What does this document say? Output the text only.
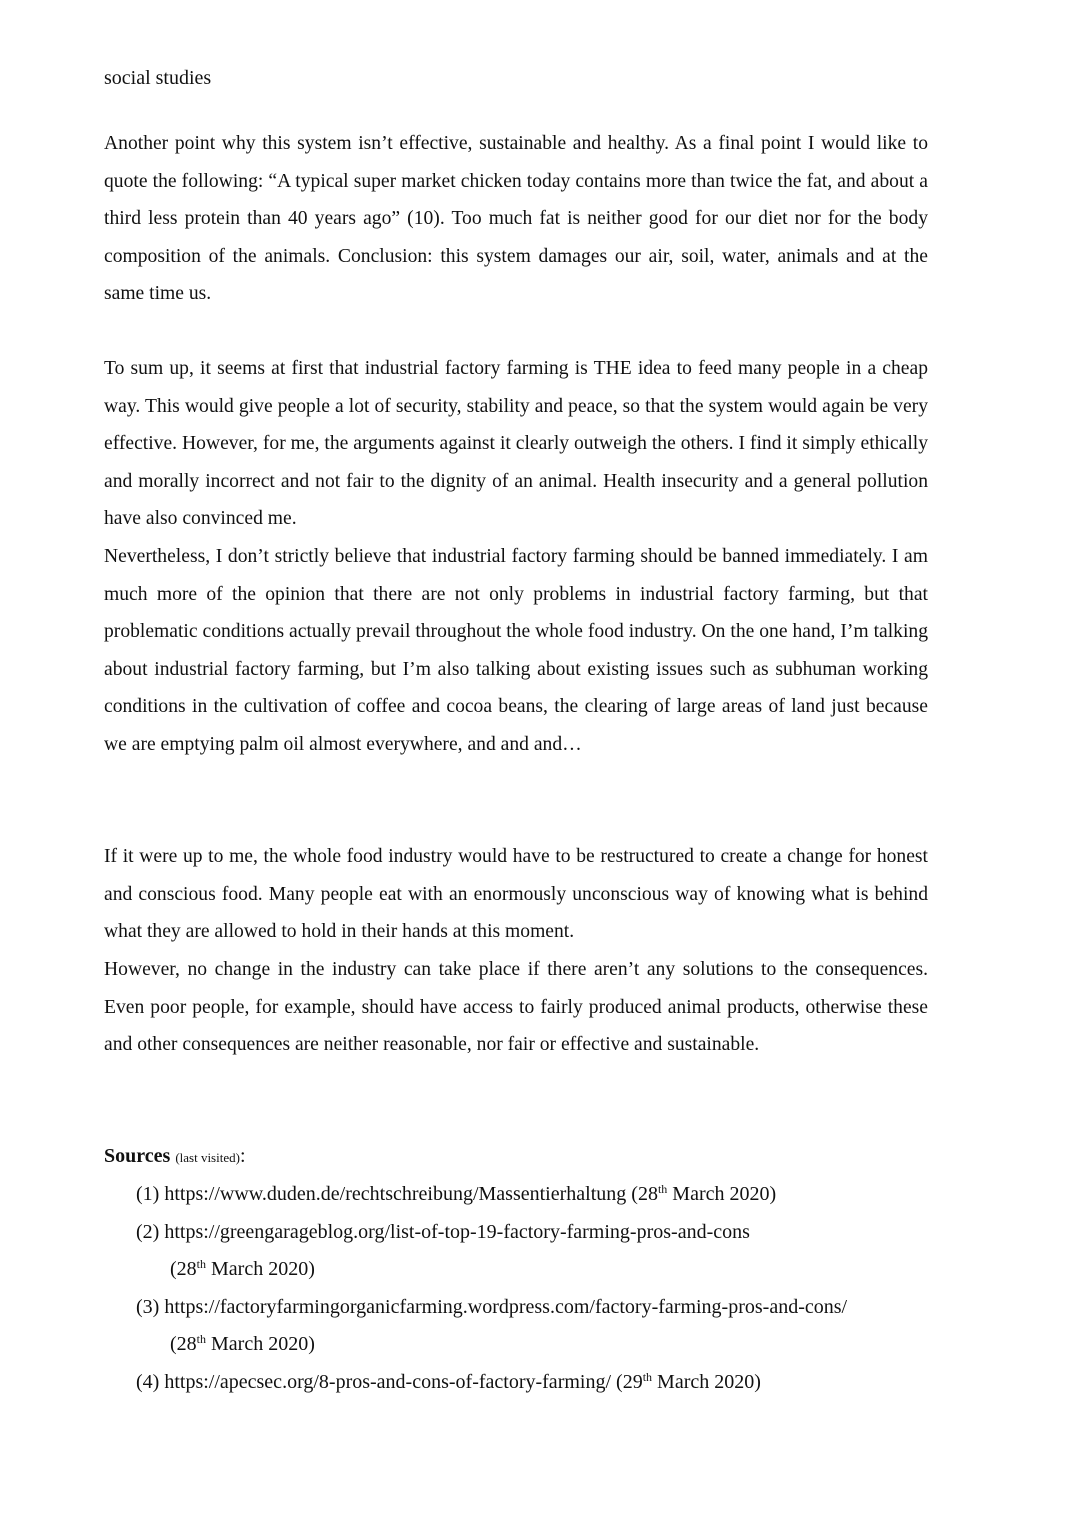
social studies

Another point why this system isn’t effective, sustainable and healthy. As a final point I would like to quote the following: “A typical super market chicken today contains more than twice the fat, and about a third less protein than 40 years ago” (10). Too much fat is neither good for our diet nor for the body composition of the animals. Conclusion: this system damages our air, soil, water, animals and at the same time us.

To sum up, it seems at first that industrial factory farming is THE idea to feed many people in a cheap way. This would give people a lot of security, stability and peace, so that the system would again be very effective. However, for me, the arguments against it clearly outweigh the others. I find it simply ethically and morally incorrect and not fair to the dignity of an animal. Health insecurity and a general pollution have also convinced me.

Nevertheless, I don’t strictly believe that industrial factory farming should be banned immediately. I am much more of the opinion that there are not only problems in industrial factory farming, but that problematic conditions actually prevail throughout the whole food industry. On the one hand, I’m talking about industrial factory farming, but I’m also talking about existing issues such as subhuman working conditions in the cultivation of coffee and cocoa beans, the clearing of large areas of land just because we are emptying palm oil almost everywhere, and and and…

If it were up to me, the whole food industry would have to be restructured to create a change for honest and conscious food. Many people eat with an enormously unconscious way of knowing what is behind what they are allowed to hold in their hands at this moment.

However, no change in the industry can take place if there aren’t any solutions to the consequences. Even poor people, for example, should have access to fairly produced animal products, otherwise these and other consequences are neither reasonable, nor fair or effective and sustainable.

Sources (last visited):
(1) https://www.duden.de/rechtschreibung/Massentierhaltung (28th March 2020)
(2) https://greengarageblog.org/list-of-top-19-factory-farming-pros-and-cons
(28th March 2020)
(3) https://factoryfarmingorganicfarming.wordpress.com/factory-farming-pros-and-cons/
(28th March 2020)
(4) https://apecsec.org/8-pros-and-cons-of-factory-farming/ (29th March 2020)
